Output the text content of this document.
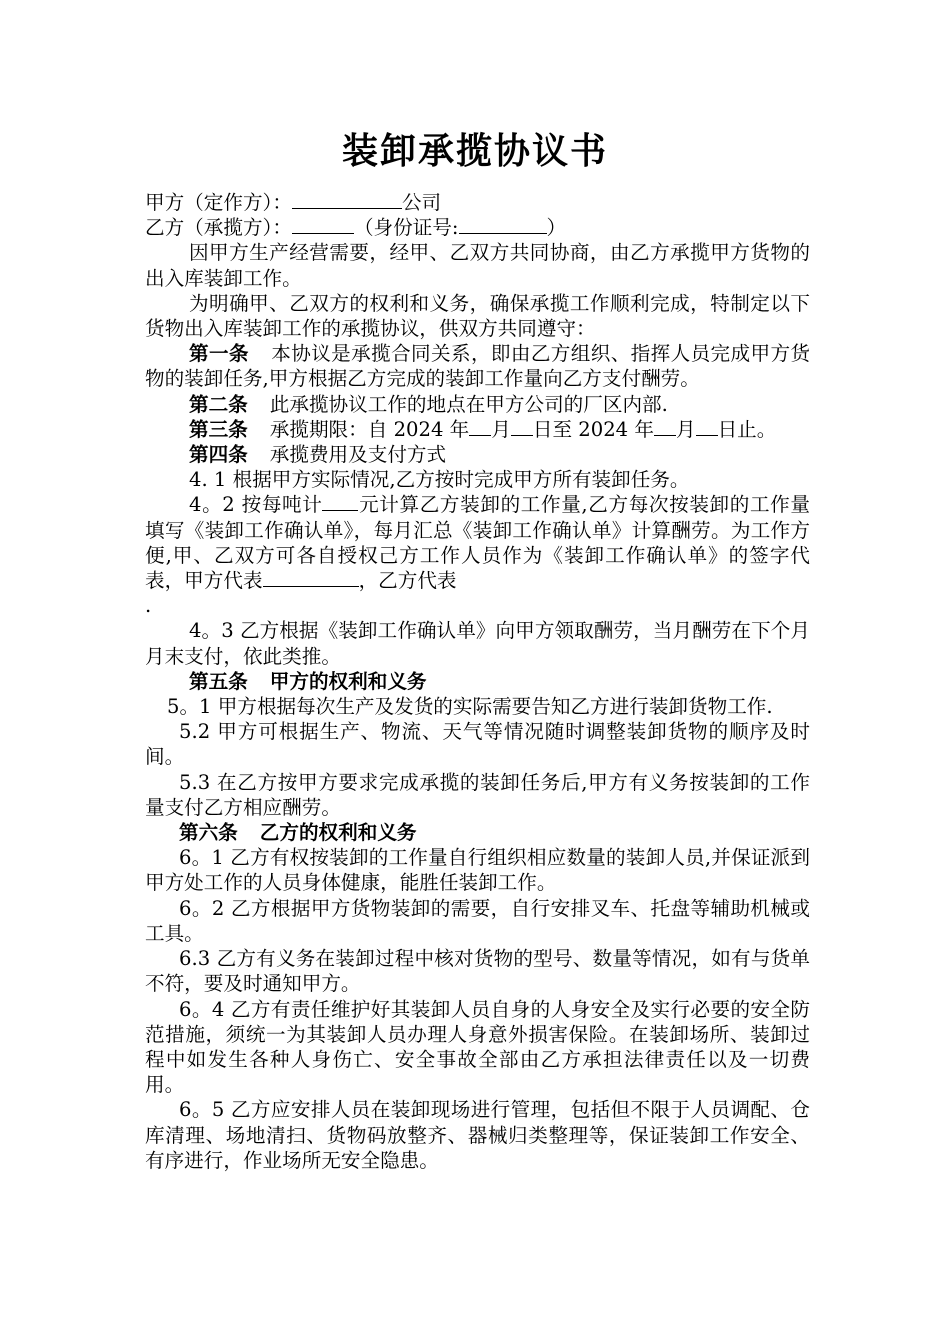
装卸承揽协议书

甲方（定作方）：	公司

乙方（承揽方）：	（身份证号:	）

因甲方生产经营需要，经甲、乙双方共同协商，由乙方承揽甲方货物的出入库装卸工作。

为明确甲、乙双方的权利和义务，确保承揽工作顺利完成，特制定以下货物出入库装卸工作的承揽协议，供双方共同遵守：

第一条 本协议是承揽合同关系，即由乙方组织、指挥人员完成甲方货物的装卸任务,甲方根据乙方完成的装卸工作量向乙方支付酬劳。

第二条 此承揽协议工作的地点在甲方公司的厂区内部.

第三条 承揽期限：自 2024 年 月 日至 2024 年 月 日止。

第四条 承揽费用及支付方式

4. 1 根据甲方实际情况,乙方按时完成甲方所有装卸任务。

4。2 按每吨计 元计算乙方装卸的工作量,乙方每次按装卸的工作量填写《装卸工作确认单》，每月汇总《装卸工作确认单》计算酬劳。为工作方便,甲、乙双方可各自授权己方工作人员作为《装卸工作确认单》的签字代表，甲方代表	，乙方代表
.

4。3 乙方根据《装卸工作确认单》向甲方领取酬劳，当月酬劳在下个月月末支付，依此类推。

第五条 甲方的权利和义务

5。1 甲方根据每次生产及发货的实际需要告知乙方进行装卸货物工作.

5.2 甲方可根据生产、物流、天气等情况随时调整装卸货物的顺序及时间。

5.3 在乙方按甲方要求完成承揽的装卸任务后,甲方有义务按装卸的工作量支付乙方相应酬劳。

第六条 乙方的权利和义务

6。1 乙方有权按装卸的工作量自行组织相应数量的装卸人员,并保证派到甲方处工作的人员身体健康，能胜任装卸工作。

6。2 乙方根据甲方货物装卸的需要，自行安排叉车、托盘等辅助机械或工具。

6.3 乙方有义务在装卸过程中核对货物的型号、数量等情况，如有与货单不符，要及时通知甲方。

6。4 乙方有责任维护好其装卸人员自身的人身安全及实行必要的安全防范措施，须统一为其装卸人员办理人身意外损害保险。在装卸场所、装卸过程中如发生各种人身伤亡、安全事故全部由乙方承担法律责任以及一切费用。

6。5 乙方应安排人员在装卸现场进行管理，包括但不限于人员调配、仓库清理、场地清扫、货物码放整齐、器械归类整理等，保证装卸工作安全、有序进行，作业场所无安全隐患。
